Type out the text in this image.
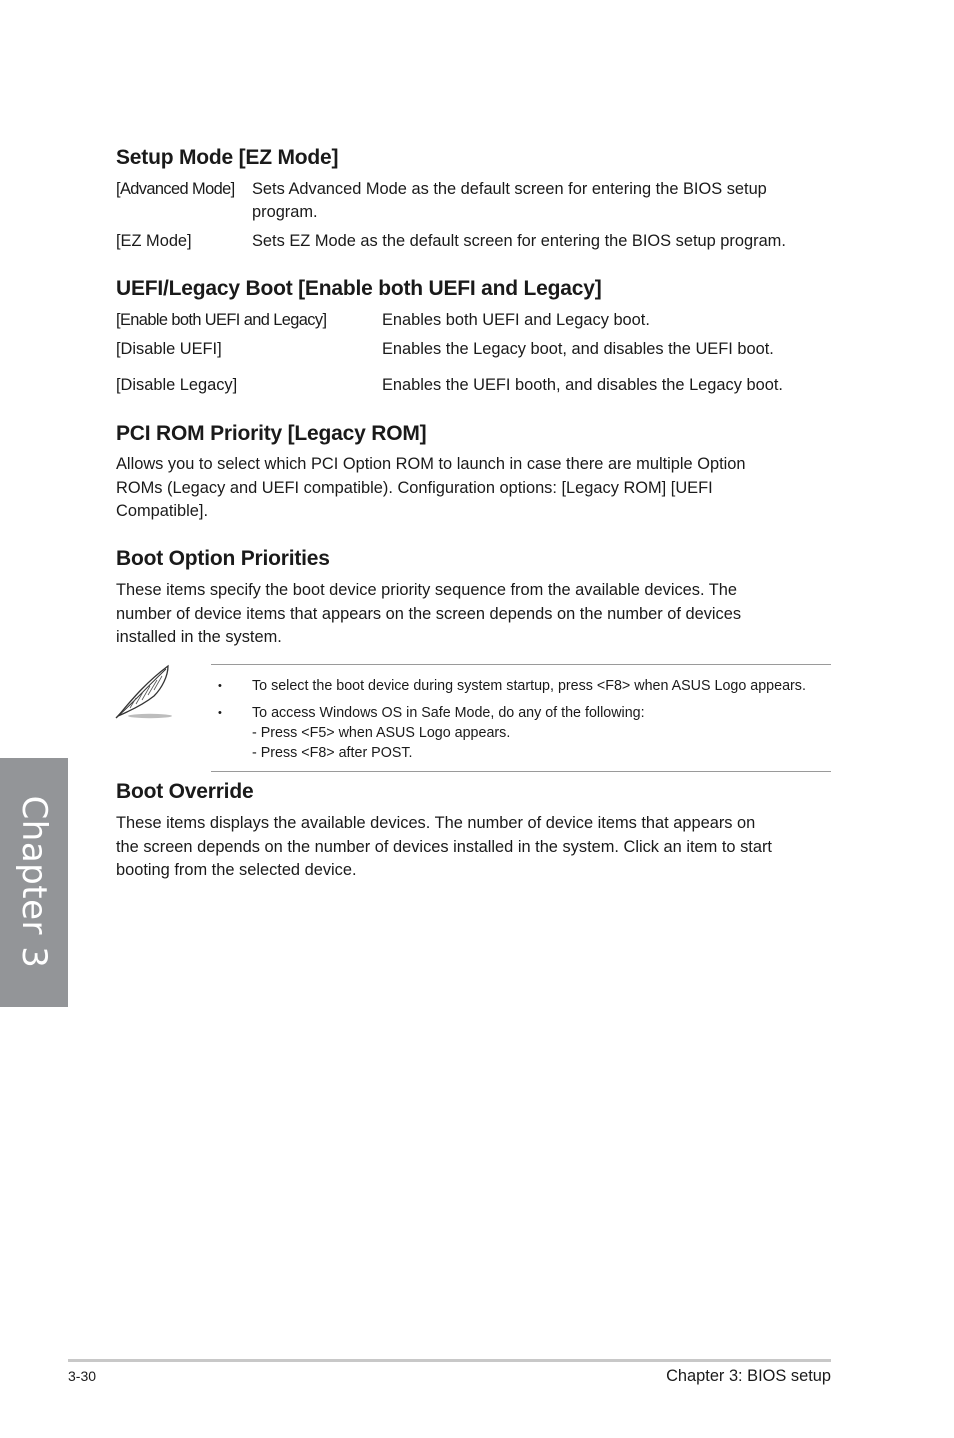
Chapter 3
Setup Mode [EZ Mode]
[Advanced Mode] Sets Advanced Mode as the default screen for entering the BIOS setup
program.
[EZ Mode]	Sets EZ Mode as the default screen for entering the BIOS setup program.
UEFI/Legacy Boot [Enable both UEFI and Legacy]
[Enable both UEFI and Legacy]	Enables both UEFI and Legacy boot.
[Disable UEFI]	Enables the Legacy boot, and disables the UEFI boot.
[Disable Legacy]	Enables the UEFI booth, and disables the Legacy boot.
PCI ROM Priority [Legacy ROM]
Allows you to select which PCI Option ROM to launch in case there are multiple Option
ROMs (Legacy and UEFI compatible). Configuration options: [Legacy ROM] [UEFI
Compatible].
Boot Option Priorities
These items specify the boot device priority sequence from the available devices. The
number of device items that appears on the screen depends on the number of devices
installed in the system.
• To select the boot device during system startup, press <F8> when ASUS Logo appears.
• To access Windows OS in Safe Mode, do any of the following:
- Press <F5> when ASUS Logo appears.
- Press <F8> after POST.
Boot Override
These items displays the available devices. The number of device items that appears on
the screen depends on the number of devices installed in the system. Click an item to start
booting from the selected device.
3-30	Chapter 3: BIOS setup
